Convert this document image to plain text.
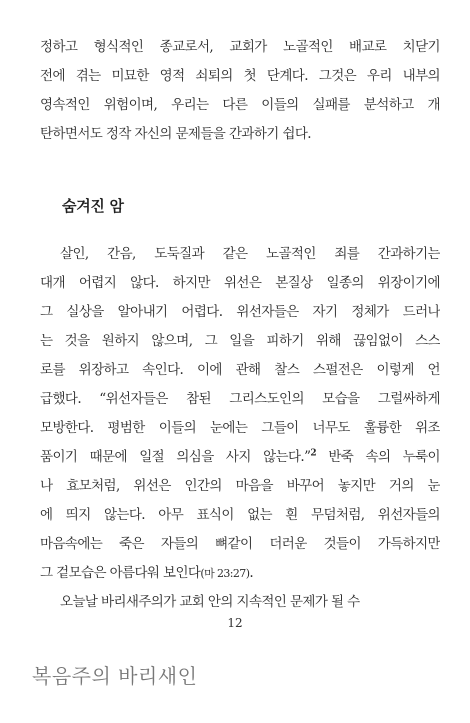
정하고 형식적인 종교로서, 교회가 노골적인 배교로 치닫기
전에 겪는 미묘한 영적 쇠퇴의 첫 단계다. 그것은 우리 내부의
영속적인 위험이며, 우리는 다른 이들의 실패를 분석하고 개
탄하면서도 정작 자신의 문제들을 간과하기 쉽다.
숨겨진 암
살인, 간음, 도둑질과 같은 노골적인 죄를 간과하기는
대개 어렵지 않다. 하지만 위선은 본질상 일종의 위장이기에
그 실상을 알아내기 어렵다. 위선자들은 자기 정체가 드러나
는 것을 원하지 않으며, 그 일을 피하기 위해 끊임없이 스스
로를 위장하고 속인다. 이에 관해 찰스 스펄전은 이렇게 언
급했다. “위선자들은 참된 그리스도인의 모습을 그럴싸하게
모방한다. 평범한 이들의 눈에는 그들이 너무도 훌륭한 위조
품이기 때문에 일절 의심을 사지 않는다.”$^2$ 반죽 속의 누룩이
나 효모처럼, 위선은 인간의 마음을 바꾸어 놓지만 거의 눈
에 띄지 않는다. 아무 표식이 없는 흰 무덤처럼, 위선자들의
마음속에는 죽은 자들의 뼈같이 더러운 것들이 가득하지만
그 겉모습은 아름다워 보인다(마 23:27).
오늘날 바리새주의가 교회 안의 지속적인 문제가 될 수
12
복음주의 바리새인
